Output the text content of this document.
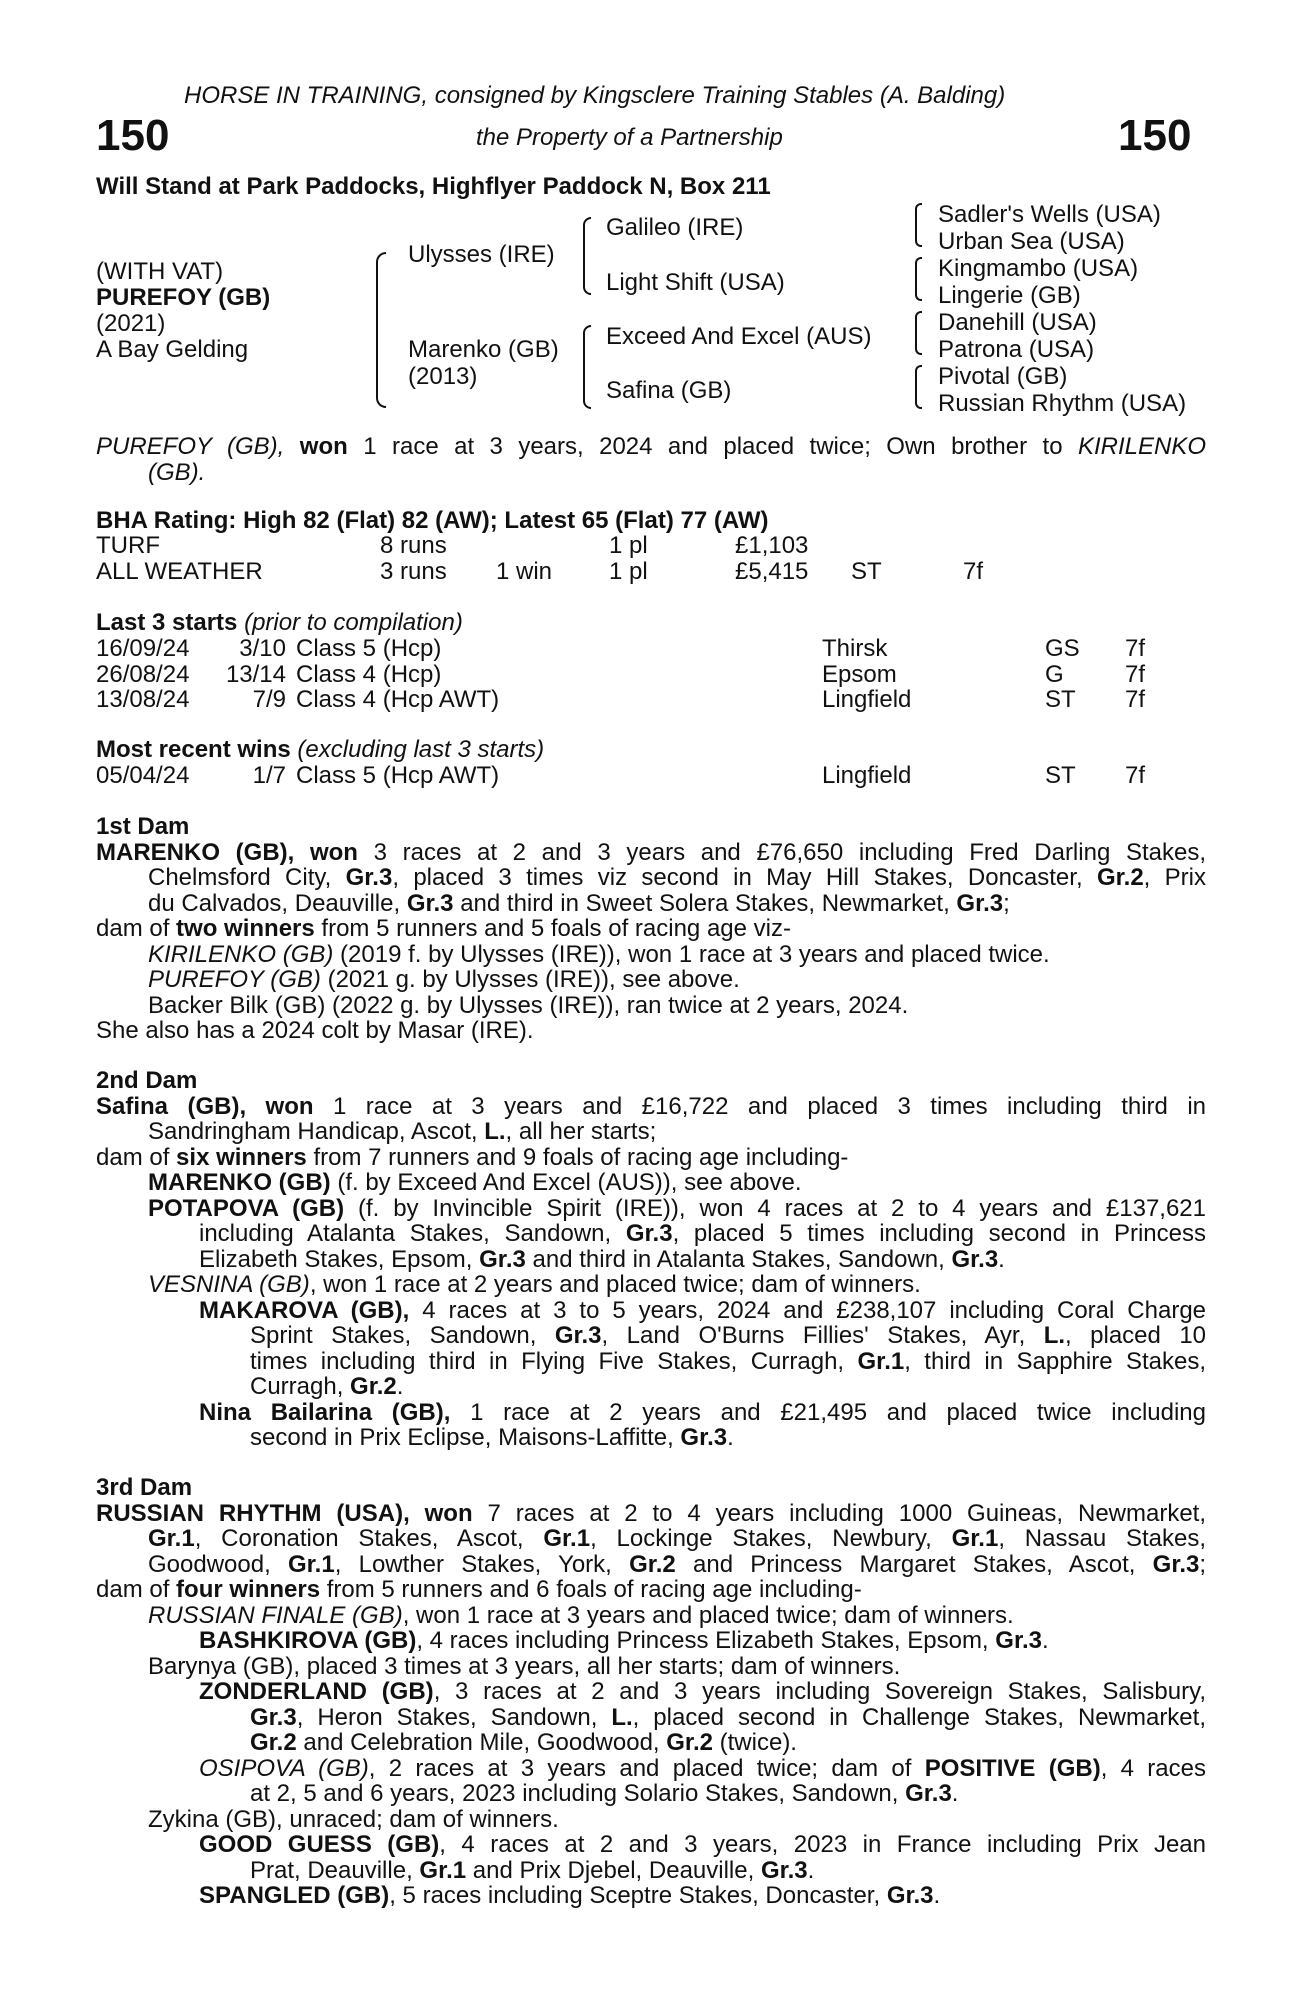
HORSE IN TRAINING, consigned by Kingsclere Training Stables (A. Balding)
150	the Property of a Partnership	150
Will Stand at Park Paddocks, Highflyer Paddock N, Box 211
(WITH VAT)
PUREFOY (GB)
(2021)
A Bay Gelding
Ulysses (IRE)
Marenko (GB)
(2013)
Galileo (IRE)
Light Shift (USA)
Exceed And Excel (AUS)
Safina (GB)
Sadler's Wells (USA)
Urban Sea (USA)
Kingmambo (USA)
Lingerie (GB)
Danehill (USA)
Patrona (USA)
Pivotal (GB)
Russian Rhythm (USA)
PUREFOY (GB), won 1 race at 3 years, 2024 and placed twice; Own brother to KIRILENKO
(GB).
BHA Rating: High 82 (Flat) 82 (AW); Latest 65 (Flat) 77 (AW)
TURF	8 runs		1 pl	£1,103		
ALL WEATHER	3 runs	1 win	1 pl	£5,415	ST	7f
Last 3 starts (prior to compilation)
16/09/24	3/10	Class 5 (Hcp)	Thirsk	GS	7f
26/08/24	13/14	Class 4 (Hcp)	Epsom	G	7f
13/08/24	7/9	Class 4 (Hcp AWT)	Lingfield	ST	7f
Most recent wins (excluding last 3 starts)
05/04/24	1/7	Class 5 (Hcp AWT)	Lingfield	ST	7f
1st Dam
MARENKO (GB), won 3 races at 2 and 3 years and £76,650 including Fred Darling Stakes,
Chelmsford City, Gr.3, placed 3 times viz second in May Hill Stakes, Doncaster, Gr.2, Prix
du Calvados, Deauville, Gr.3 and third in Sweet Solera Stakes, Newmarket, Gr.3;
dam of two winners from 5 runners and 5 foals of racing age viz-
KIRILENKO (GB) (2019 f. by Ulysses (IRE)), won 1 race at 3 years and placed twice.
PUREFOY (GB) (2021 g. by Ulysses (IRE)), see above.
Backer Bilk (GB) (2022 g. by Ulysses (IRE)), ran twice at 2 years, 2024.
She also has a 2024 colt by Masar (IRE).
2nd Dam
Safina (GB), won 1 race at 3 years and £16,722 and placed 3 times including third in
Sandringham Handicap, Ascot, L., all her starts;
dam of six winners from 7 runners and 9 foals of racing age including-
MARENKO (GB) (f. by Exceed And Excel (AUS)), see above.
POTAPOVA (GB) (f. by Invincible Spirit (IRE)), won 4 races at 2 to 4 years and £137,621
including Atalanta Stakes, Sandown, Gr.3, placed 5 times including second in Princess
Elizabeth Stakes, Epsom, Gr.3 and third in Atalanta Stakes, Sandown, Gr.3.
VESNINA (GB), won 1 race at 2 years and placed twice; dam of winners.
MAKAROVA (GB), 4 races at 3 to 5 years, 2024 and £238,107 including Coral Charge
Sprint Stakes, Sandown, Gr.3, Land O'Burns Fillies' Stakes, Ayr, L., placed 10
times including third in Flying Five Stakes, Curragh, Gr.1, third in Sapphire Stakes,
Curragh, Gr.2.
Nina Bailarina (GB), 1 race at 2 years and £21,495 and placed twice including
second in Prix Eclipse, Maisons-Laffitte, Gr.3.
3rd Dam
RUSSIAN RHYTHM (USA), won 7 races at 2 to 4 years including 1000 Guineas, Newmarket,
Gr.1, Coronation Stakes, Ascot, Gr.1, Lockinge Stakes, Newbury, Gr.1, Nassau Stakes,
Goodwood, Gr.1, Lowther Stakes, York, Gr.2 and Princess Margaret Stakes, Ascot, Gr.3;
dam of four winners from 5 runners and 6 foals of racing age including-
RUSSIAN FINALE (GB), won 1 race at 3 years and placed twice; dam of winners.
BASHKIROVA (GB), 4 races including Princess Elizabeth Stakes, Epsom, Gr.3.
Barynya (GB), placed 3 times at 3 years, all her starts; dam of winners.
ZONDERLAND (GB), 3 races at 2 and 3 years including Sovereign Stakes, Salisbury,
Gr.3, Heron Stakes, Sandown, L., placed second in Challenge Stakes, Newmarket,
Gr.2 and Celebration Mile, Goodwood, Gr.2 (twice).
OSIPOVA (GB), 2 races at 3 years and placed twice; dam of POSITIVE (GB), 4 races
at 2, 5 and 6 years, 2023 including Solario Stakes, Sandown, Gr.3.
Zykina (GB), unraced; dam of winners.
GOOD GUESS (GB), 4 races at 2 and 3 years, 2023 in France including Prix Jean
Prat, Deauville, Gr.1 and Prix Djebel, Deauville, Gr.3.
SPANGLED (GB), 5 races including Sceptre Stakes, Doncaster, Gr.3.
